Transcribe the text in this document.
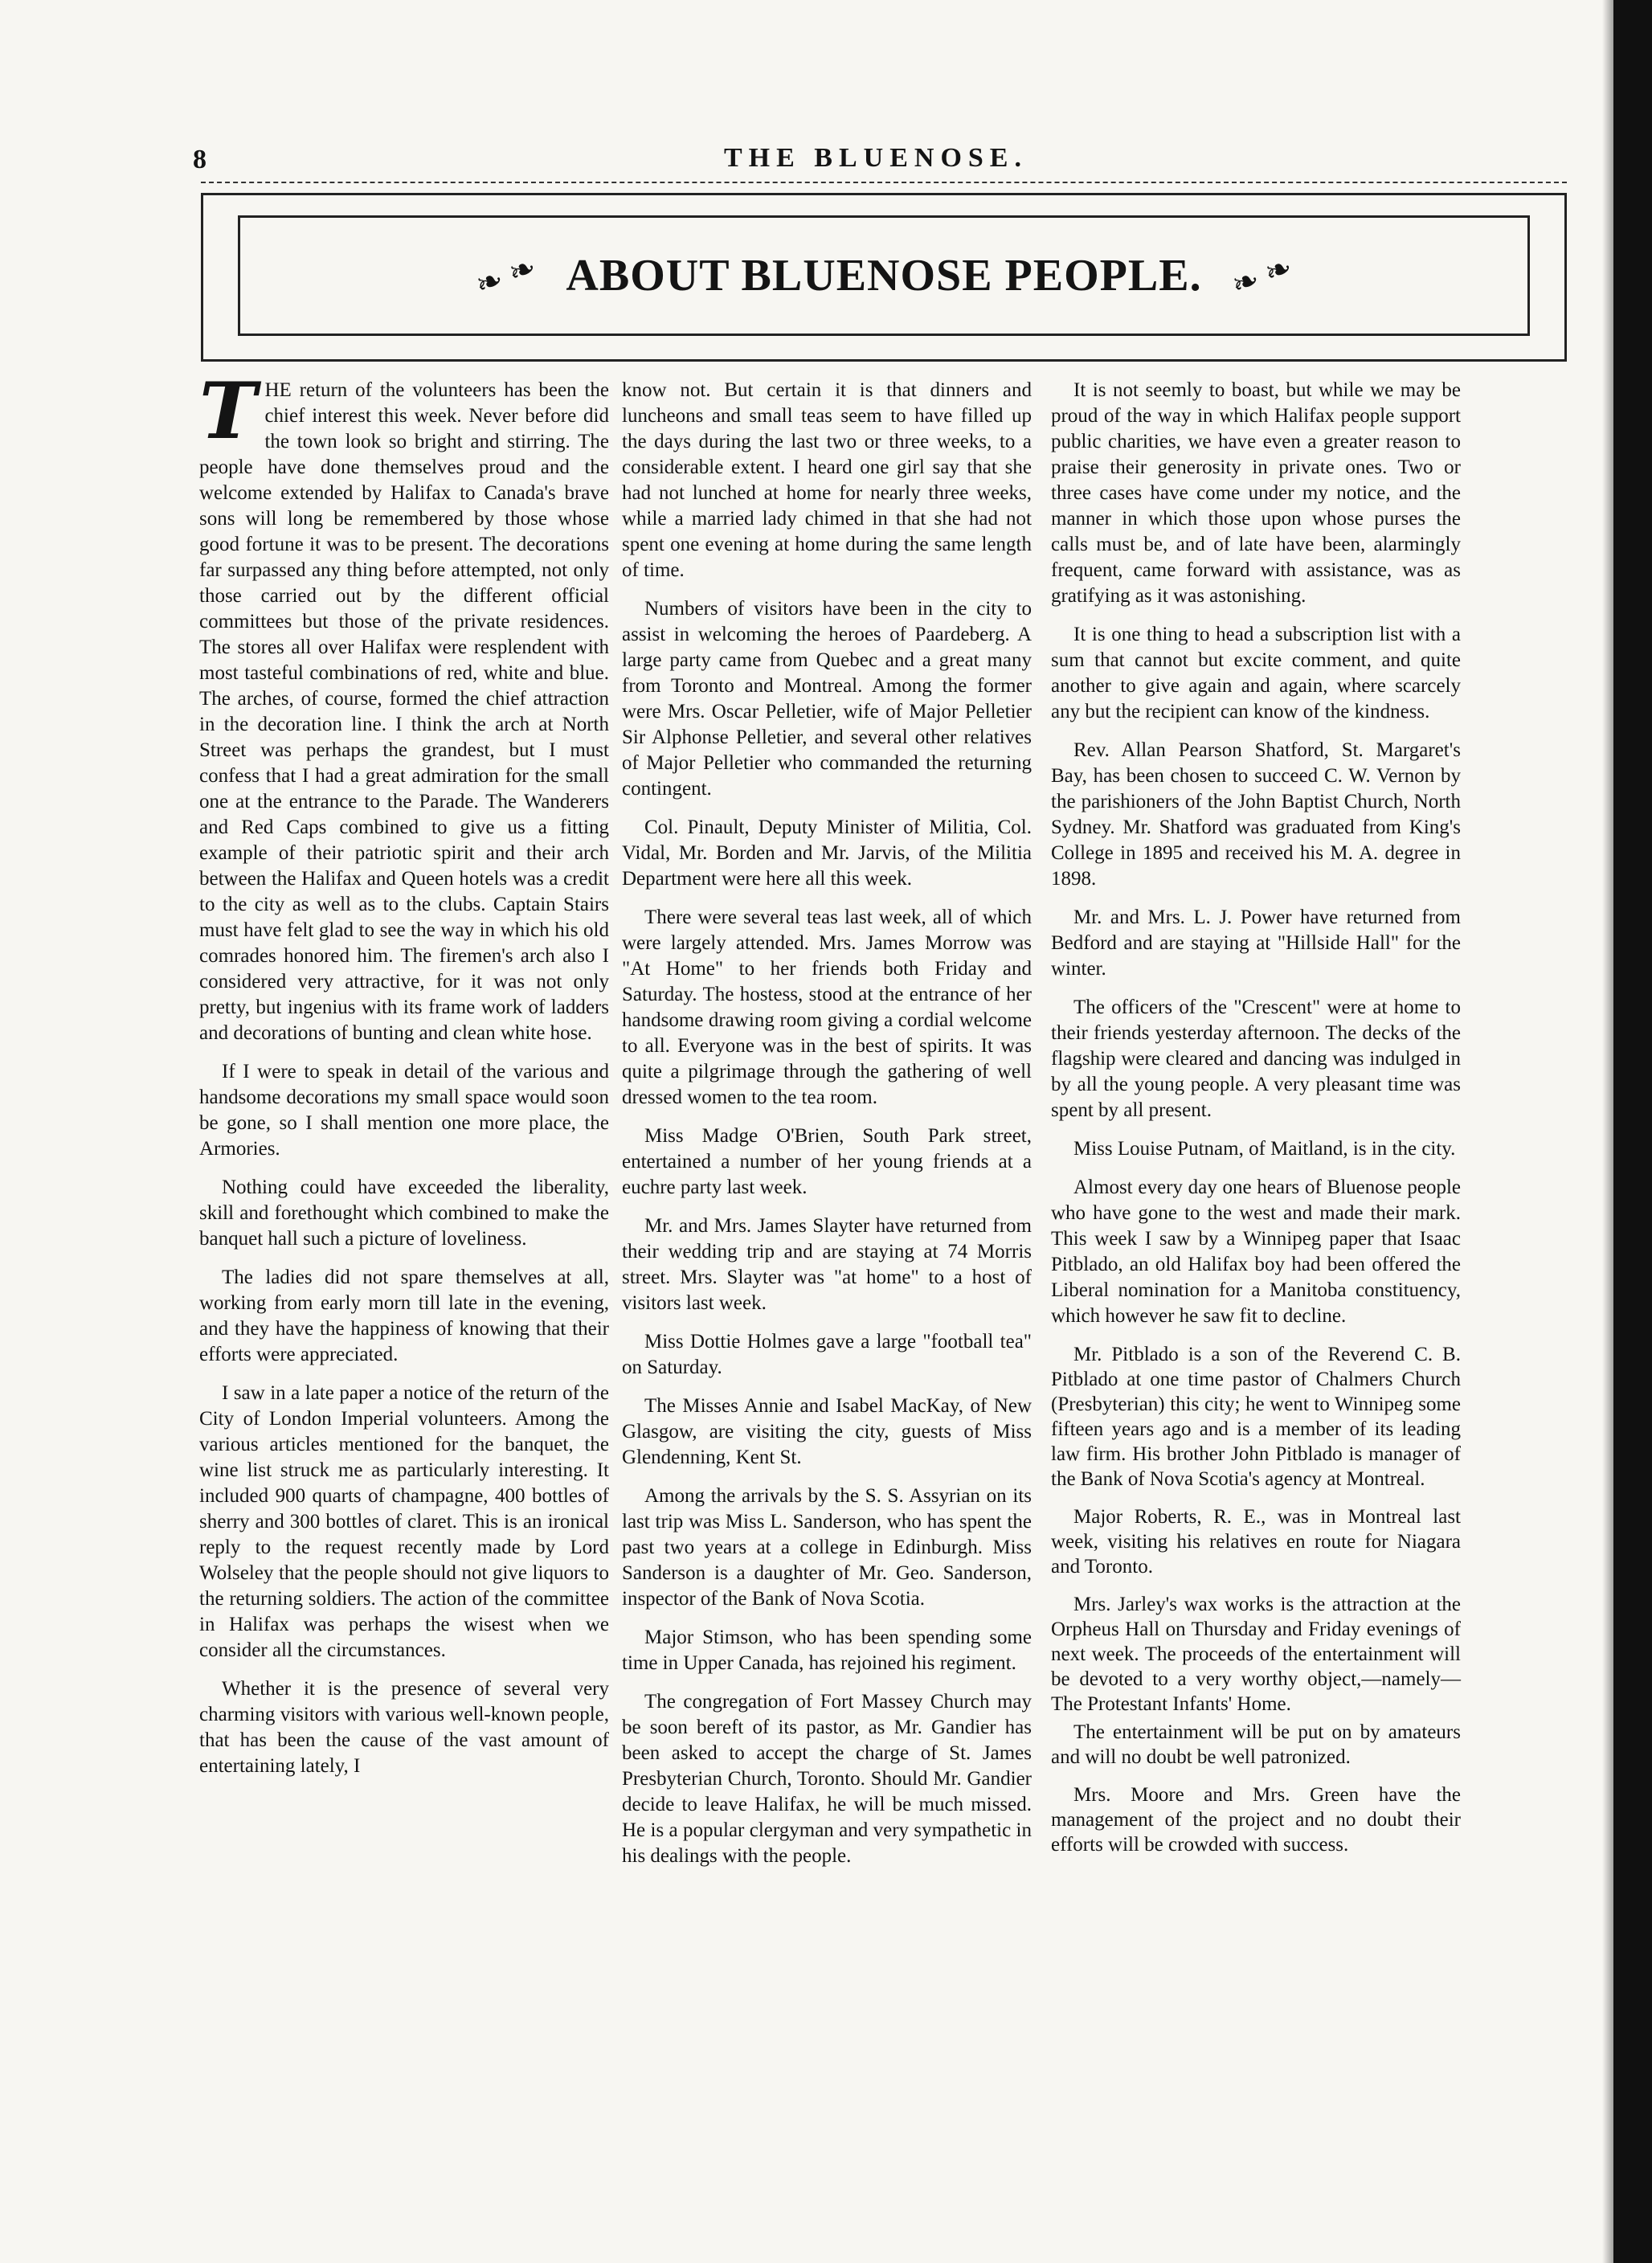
8	THE BLUENOSE.
❧ ❧ ABOUT BLUENOSE PEOPLE. ❧ ❧

THE return of the volunteers has been the chief interest this week. Never before did the town look so bright and stirring. The people have done themselves proud and the welcome extended by Halifax to Canada's brave sons will long be remembered by those whose good fortune it was to be present. The decorations far surpassed any thing before attempted, not only those carried out by the different official committees but those of the private residences. The stores all over Halifax were resplendent with most tasteful combinations of red, white and blue. The arches, of course, formed the chief attraction in the decoration line. I think the arch at North Street was perhaps the grandest, but I must confess that I had a great admiration for the small one at the entrance to the Parade. The Wanderers and Red Caps combined to give us a fitting example of their patriotic spirit and their arch between the Halifax and Queen hotels was a credit to the city as well as to the clubs. Captain Stairs must have felt glad to see the way in which his old comrades honored him. The firemen's arch also I considered very attractive, for it was not only pretty, but ingenius with its frame work of ladders and decorations of bunting and clean white hose.

If I were to speak in detail of the various and handsome decorations my small space would soon be gone, so I shall mention one more place, the Armories.

Nothing could have exceeded the liberality, skill and forethought which combined to make the banquet hall such a picture of loveliness.

The ladies did not spare themselves at all, working from early morn till late in the evening, and they have the happiness of knowing that their efforts were appreciated.

I saw in a late paper a notice of the return of the City of London Imperial volunteers. Among the various articles mentioned for the banquet, the wine list struck me as particularly interesting. It included 900 quarts of champagne, 400 bottles of sherry and 300 bottles of claret. This is an ironical reply to the request recently made by Lord Wolseley that the people should not give liquors to the returning soldiers. The action of the committee in Halifax was perhaps the wisest when we consider all the circumstances.

Whether it is the presence of several very charming visitors with various well-known people, that has been the cause of the vast amount of entertaining lately, I

know not. But certain it is that dinners and luncheons and small teas seem to have filled up the days during the last two or three weeks, to a considerable extent. I heard one girl say that she had not lunched at home for nearly three weeks, while a married lady chimed in that she had not spent one evening at home during the same length of time.

Numbers of visitors have been in the city to assist in welcoming the heroes of Paardeberg. A large party came from Quebec and a great many from Toronto and Montreal. Among the former were Mrs. Oscar Pelletier, wife of Major Pelletier Sir Alphonse Pelletier, and several other relatives of Major Pelletier who commanded the returning contingent.

Col. Pinault, Deputy Minister of Militia, Col. Vidal, Mr. Borden and Mr. Jarvis, of the Militia Department were here all this week.

There were several teas last week, all of which were largely attended. Mrs. James Morrow was "At Home" to her friends both Friday and Saturday. The hostess, stood at the entrance of her handsome drawing room giving a cordial welcome to all. Everyone was in the best of spirits. It was quite a pilgrimage through the gathering of well dressed women to the tea room.

Miss Madge O'Brien, South Park street, entertained a number of her young friends at a euchre party last week.

Mr. and Mrs. James Slayter have returned from their wedding trip and are staying at 74 Morris street. Mrs. Slayter was "at home" to a host of visitors last week.

Miss Dottie Holmes gave a large "football tea" on Saturday.

The Misses Annie and Isabel MacKay, of New Glasgow, are visiting the city, guests of Miss Glendenning, Kent St.

Among the arrivals by the S. S. Assyrian on its last trip was Miss L. Sanderson, who has spent the past two years at a college in Edinburgh. Miss Sanderson is a daughter of Mr. Geo. Sanderson, inspector of the Bank of Nova Scotia.

Major Stimson, who has been spending some time in Upper Canada, has rejoined his regiment.

The congregation of Fort Massey Church may be soon bereft of its pastor, as Mr. Gandier has been asked to accept the charge of St. James Presbyterian Church, Toronto. Should Mr. Gandier decide to leave Halifax, he will be much missed. He is a popular clergyman and very sympathetic in his dealings with the people.

It is not seemly to boast, but while we may be proud of the way in which Halifax people support public charities, we have even a greater reason to praise their generosity in private ones. Two or three cases have come under my notice, and the manner in which those upon whose purses the calls must be, and of late have been, alarmingly frequent, came forward with assistance, was as gratifying as it was astonishing.

It is one thing to head a subscription list with a sum that cannot but excite comment, and quite another to give again and again, where scarcely any but the recipient can know of the kindness.

Rev. Allan Pearson Shatford, St. Margaret's Bay, has been chosen to succeed C. W. Vernon by the parishioners of the John Baptist Church, North Sydney. Mr. Shatford was graduated from King's College in 1895 and received his M. A. degree in 1898.

Mr. and Mrs. L. J. Power have returned from Bedford and are staying at "Hillside Hall" for the winter.

The officers of the "Crescent" were at home to their friends yesterday afternoon. The decks of the flagship were cleared and dancing was indulged in by all the young people. A very pleasant time was spent by all present.

Miss Louise Putnam, of Maitland, is in the city.

Almost every day one hears of Bluenose people who have gone to the west and made their mark. This week I saw by a Winnipeg paper that Isaac Pitblado, an old Halifax boy had been offered the Liberal nomination for a Manitoba constituency, which however he saw fit to decline.

Mr. Pitblado is a son of the Reverend C. B. Pitblado at one time pastor of Chalmers Church (Presbyterian) this city; he went to Winnipeg some fifteen years ago and is a member of its leading law firm. His brother John Pitblado is manager of the Bank of Nova Scotia's agency at Montreal.

Major Roberts, R. E., was in Montreal last week, visiting his relatives en route for Niagara and Toronto.

Mrs. Jarley's wax works is the attraction at the Orpheus Hall on Thursday and Friday evenings of next week. The proceeds of the entertainment will be devoted to a very worthy object,—namely—The Protestant Infants' Home.

The entertainment will be put on by amateurs and will no doubt be well patronized.

Mrs. Moore and Mrs. Green have the management of the project and no doubt their efforts will be crowded with success.
